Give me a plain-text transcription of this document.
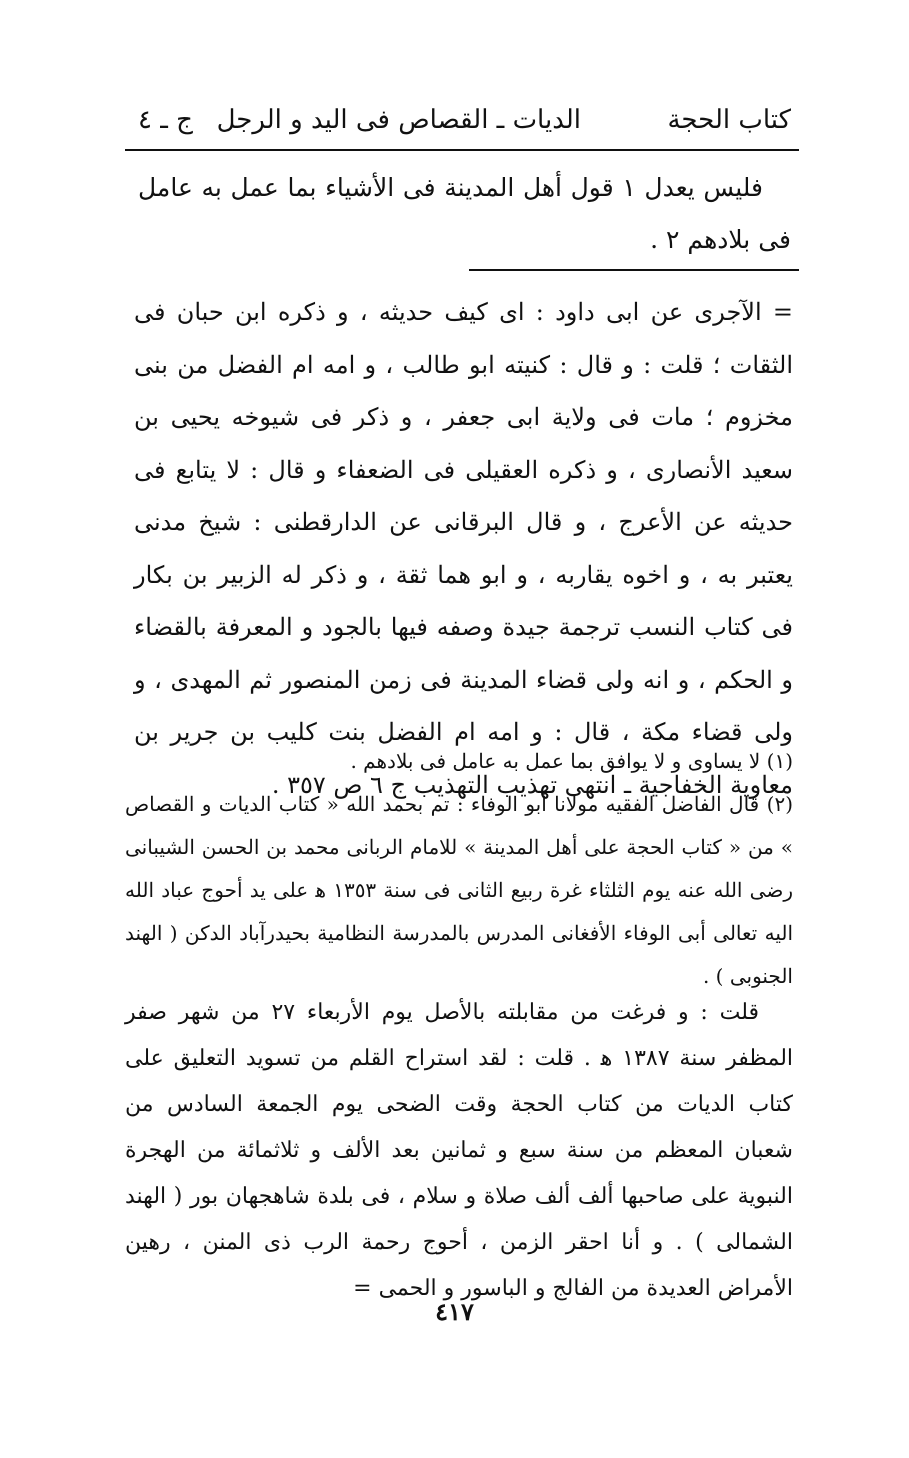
كتاب الحجة
الديات ـ القصاص فى اليد و الرجل
ج ـ ٤

فليس يعدل ١ قول أهل المدينة فى الأشياء بما عمل به عامل فى بلادهم ٢ .

= الآجرى عن ابى داود : اى كيف حديثه ، و ذكره ابن حبان فى الثقات ؛ قلت : و قال : كنيته ابو طالب ، و امه ام الفضل من بنى مخزوم ؛ مات فى ولاية ابى جعفر ، و ذكر فى شيوخه يحيى بن سعيد الأنصارى ، و ذكره العقيلى فى الضعفاء و قال : لا يتابع فى حديثه عن الأعرج ، و قال البرقانى عن الدارقطنى : شيخ مدنى يعتبر به ، و اخوه يقاربه ، و ابو هما ثقة ، و ذكر له الزبير بن بكار فى كتاب النسب ترجمة جيدة وصفه فيها بالجود و المعرفة بالقضاء و الحكم ، و انه ولى قضاء المدينة فى زمن المنصور ثم المهدى ، و ولى قضاء مكة ، قال : و امه ام الفضل بنت كليب بن جرير بن معاوية الخفاجية ـ انتهى تهذيب التهذيب ج ٦ ص ٣٥٧ .

(١) لا يساوى و لا يوافق بما عمل به عامل فى بلادهم .

(٢) قال الفاضل الفقيه مولانا أبو الوفاء : تم بحمد الله « كتاب الديات و القصاص » من « كتاب الحجة على أهل المدينة » للامام الربانى محمد بن الحسن الشيبانى رضى الله عنه يوم الثلثاء غرة ربيع الثانى فى سنة ١٣٥٣ ﻫ على يد أحوج عباد الله اليه تعالى أبى الوفاء الأفغانى المدرس بالمدرسة النظامية بحيدرآباد الدكن ( الهند الجنوبى ) .

قلت : و فرغت من مقابلته بالأصل يوم الأربعاء ٢٧ من شهر صفر المظفر سنة ١٣٨٧ ﻫ . قلت : لقد استراح القلم من تسويد التعليق على كتاب الديات من كتاب الحجة وقت الضحى يوم الجمعة السادس من شعبان المعظم من سنة سبع و ثمانين بعد الألف و ثلاثمائة من الهجرة النبوية على صاحبها ألف ألف صلاة و سلام ، فى بلدة شاهجهان بور ( الهند الشمالى ) . و أنا احقر الزمن ، أحوج رحمة الرب ذى المنن ، رهين الأمراض العديدة من الفالج و الباسور و الحمى =

٤١٧
